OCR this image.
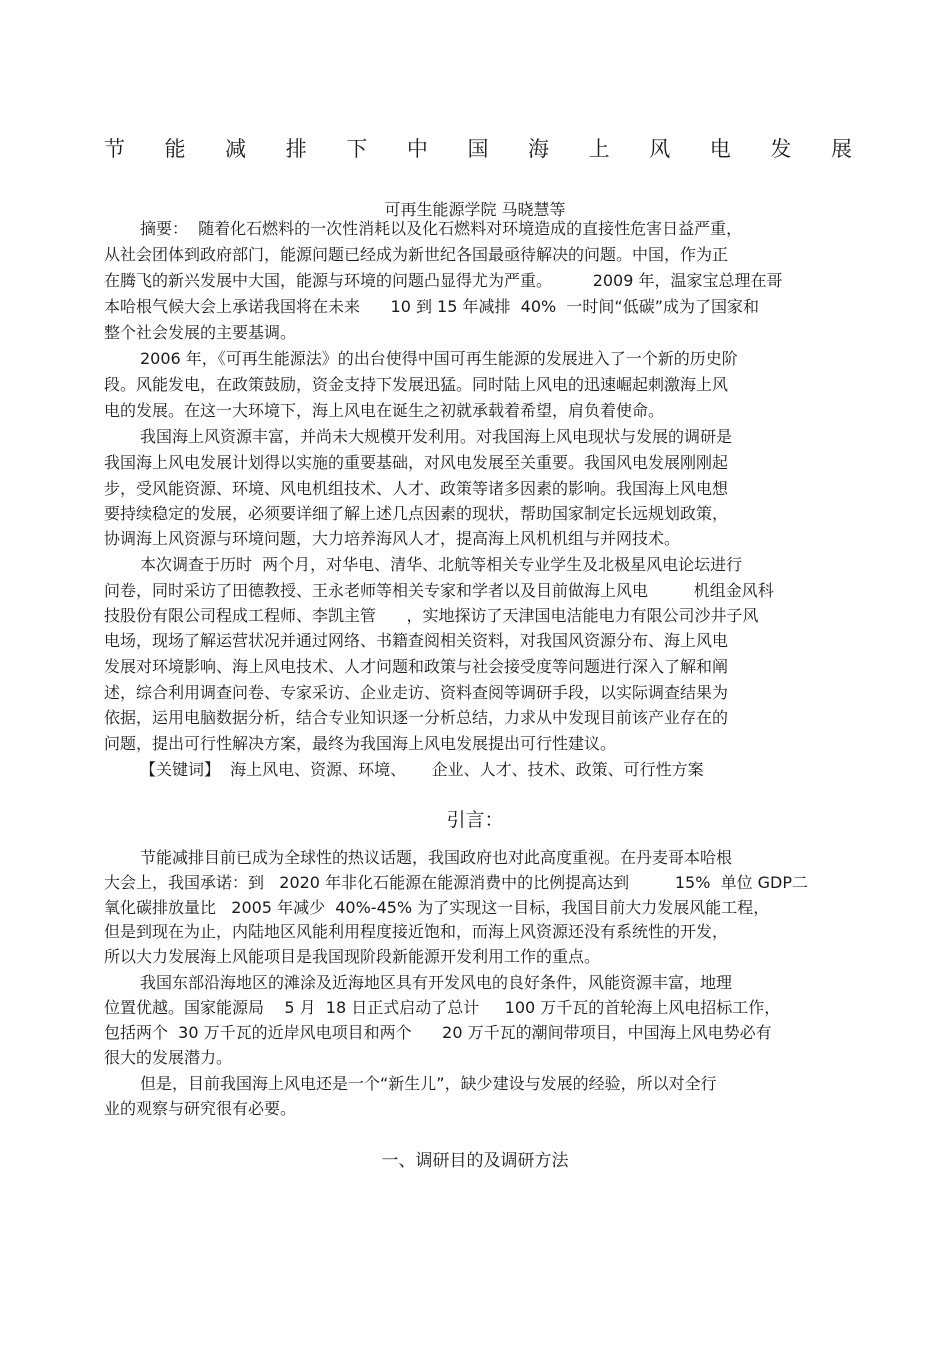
节 能 减 排 下 中 国 海 上 风 电 发 展
可再生能源学院 马晓慧等
摘要：  随着化石燃料的一次性消耗以及化石燃料对环境造成的直接性危害日益严重，
从社会团体到政府部门，能源问题已经成为新世纪各国最亟待解决的问题。中国，作为正
在腾飞的新兴发展中大国，能源与环境的问题凸显得尤为严重。        2009 年，温家宝总理在哥
本哈根气候大会上承诺我国将在未来      10 到 15 年减排  40%  一时间“低碳”成为了国家和
整个社会发展的主要基调。
2006 年，《可再生能源法》的出台使得中国可再生能源的发展进入了一个新的历史阶
段。风能发电，在政策鼓励，资金支持下发展迅猛。同时陆上风电的迅速崛起刺激海上风
电的发展。在这一大环境下，海上风电在诞生之初就承载着希望，肩负着使命。
我国海上风资源丰富，并尚未大规模开发利用。对我国海上风电现状与发展的调研是
我国海上风电发展计划得以实施的重要基础，对风电发展至关重要。我国风电发展刚刚起
步，受风能资源、环境、风电机组技术、人才、政策等诸多因素的影响。我国海上风电想
要持续稳定的发展，必须要详细了解上述几点因素的现状，帮助国家制定长远规划政策，
协调海上风资源与环境问题，大力培养海风人才，提高海上风机机组与并网技术。
本次调查于历时  两个月，对华电、清华、北航等相关专业学生及北极星风电论坛进行
问卷，同时采访了田德教授、王永老师等相关专家和学者以及目前做海上风电         机组金风科
技股份有限公司程成工程师、李凯主管      ，实地探访了天津国电洁能电力有限公司沙井子风
电场，现场了解运营状况并通过网络、书籍查阅相关资料，对我国风资源分布、海上风电
发展对环境影响、海上风电技术、人才问题和政策与社会接受度等问题进行深入了解和阐
述，综合利用调查问卷、专家采访、企业走访、资料查阅等调研手段，以实际调查结果为
依据，运用电脑数据分析，结合专业知识逐一分析总结，力求从中发现目前该产业存在的
问题，提出可行性解决方案，最终为我国海上风电发展提出可行性建议。
【关键词】  海上风电、资源、环境、     企业、人才、技术、政策、可行性方案
引言：
节能减排目前已成为全球性的热议话题，我国政府也对此高度重视。在丹麦哥本哈根
大会上，我国承诺：到   2020 年非化石能源在能源消费中的比例提高达到         15%  单位 GDP二
氧化碳排放量比   2005 年减少  40%-45% 为了实现这一目标，我国目前大力发展风能工程，
但是到现在为止，内陆地区风能利用程度接近饱和，而海上风资源还没有系统性的开发，
所以大力发展海上风能项目是我国现阶段新能源开发利用工作的重点。
我国东部沿海地区的滩涂及近海地区具有开发风电的良好条件，风能资源丰富，地理
位置优越。国家能源局    5 月  18 日正式启动了总计     100 万千瓦的首轮海上风电招标工作，
包括两个  30 万千瓦的近岸风电项目和两个      20 万千瓦的潮间带项目，中国海上风电势必有
很大的发展潜力。
但是，目前我国海上风电还是一个“新生儿”，缺少建设与发展的经验，所以对全行
业的观察与研究很有必要。
一、调研目的及调研方法
